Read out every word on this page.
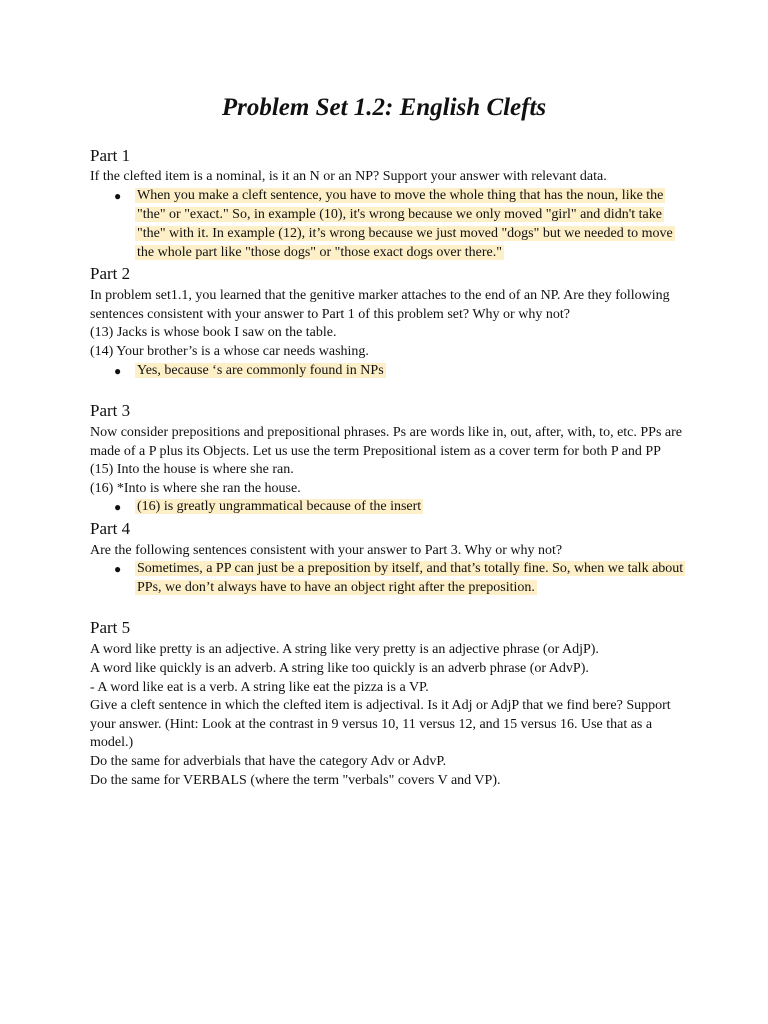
Problem Set 1.2: English Clefts
Part 1
If the clefted item is a nominal, is it an N or an NP? Support your answer with relevant data.
● When you make a cleft sentence, you have to move the whole thing that has the noun, like the
"the" or "exact." So, in example (10), it's wrong because we only moved "girl" and didn't take
"the" with it. In example (12), it’s wrong because we just moved "dogs" but we needed to move
the whole part like "those dogs" or "those exact dogs over there."
Part 2
In problem set1.1, you learned that the genitive marker attaches to the end of an NP. Are they following
sentences consistent with your answer to Part 1 of this problem set? Why or why not?
(13) Jacks is whose book I saw on the table.
(14) Your brother’s is a whose car needs washing.
● Yes, because ‘s are commonly found in NPs
Part 3
Now consider prepositions and prepositional phrases. Ps are words like in, out, after, with, to, etc. PPs are
made of a P plus its Objects. Let us use the term Prepositional istem as a cover term for both P and PP
(15) Into the house is where she ran.
(16) *Into is where she ran the house.
● (16) is greatly ungrammatical because of the insert
Part 4
Are the following sentences consistent with your answer to Part 3. Why or why not?
● Sometimes, a PP can just be a preposition by itself, and that’s totally fine. So, when we talk about
PPs, we don’t always have to have an object right after the preposition.
Part 5
A word like pretty is an adjective. A string like very pretty is an adjective phrase (or AdjP).
A word like quickly is an adverb. A string like too quickly is an adverb phrase (or AdvP).
- A word like eat is a verb. A string like eat the pizza is a VP.
Give a cleft sentence in which the clefted item is adjectival. Is it Adj or AdjP that we find bere? Support
your answer. (Hint: Look at the contrast in 9 versus 10, 11 versus 12, and 15 versus 16. Use that as a
model.)
Do the same for adverbials that have the category Adv or AdvP.
Do the same for VERBALS (where the term "verbals" covers V and VP).
